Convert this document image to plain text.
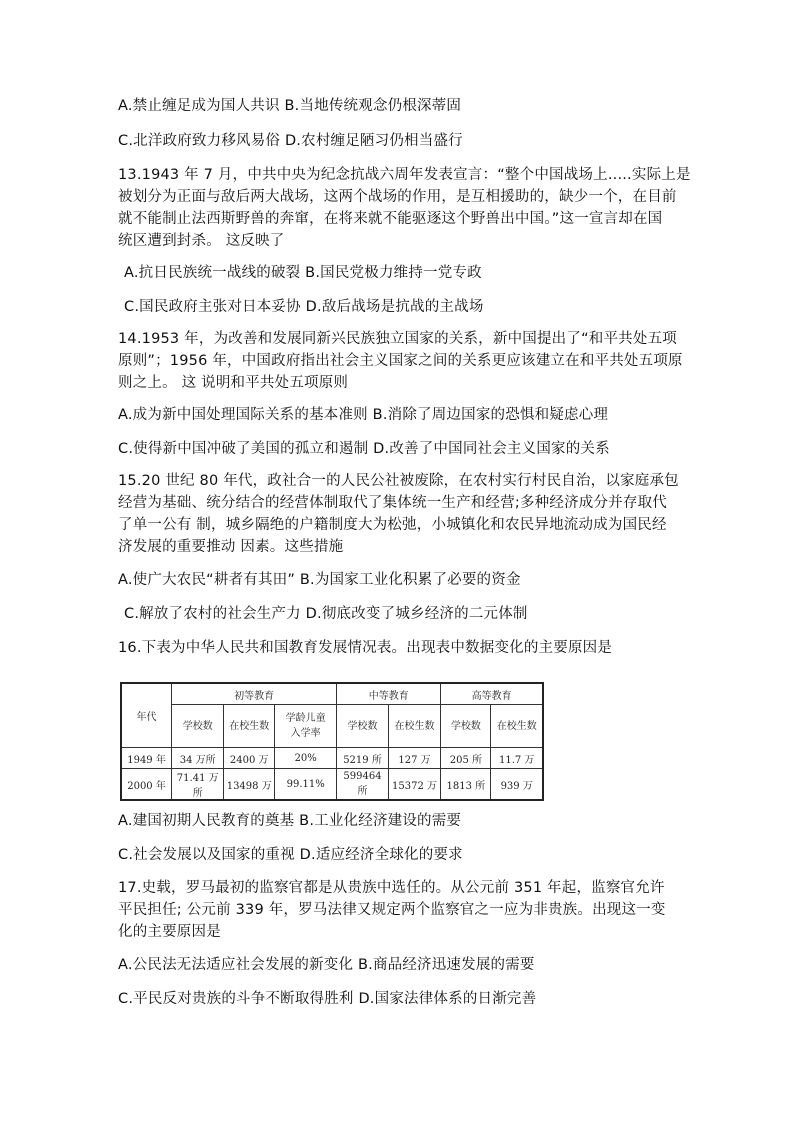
A.禁止缠足成为国人共识 B.当地传统观念仍根深蒂固
C.北洋政府致力移风易俗 D.农村缠足陋习仍相当盛行
13.1943 年 7 月，中共中央为纪念抗战六周年发表宣言：“整个中国战场上.....实际上是
被划分为正面与敌后两大战场，这两个战场的作用，是互相援助的，缺少一个，在目前
就不能制止法西斯野兽的奔窜，在将来就不能驱逐这个野兽出中国。”这一宣言却在国
统区遭到封杀。 这反映了
A.抗日民族统一战线的破裂 B.国民党极力维持一党专政
C.国民政府主张对日本妥协 D.敌后战场是抗战的主战场
14.1953 年，为改善和发展同新兴民族独立国家的关系，新中国提出了“和平共处五项
原则”；1956 年，中国政府指出社会主义国家之间的关系更应该建立在和平共处五项原
则之上。 这 说明和平共处五项原则
A.成为新中国处理国际关系的基本准则 B.消除了周边国家的恐惧和疑虑心理
C.使得新中国冲破了美国的孤立和遏制 D.改善了中国同社会主义国家的关系
15.20 世纪 80 年代，政社合一的人民公社被废除，在农村实行村民自治，以家庭承包
经营为基础、统分结合的经营体制取代了集体统一生产和经营;多种经济成分并存取代
了单一公有 制，城乡隔绝的户籍制度大为松弛，小城镇化和农民异地流动成为国民经
济发展的重要推动 因素。这些措施
A.使广大农民“耕者有其田” B.为国家工业化积累了必要的资金
C.解放了农村的社会生产力 D.彻底改变了城乡经济的二元体制
16.下表为中华人民共和国教育发展情况表。出现表中数据变化的主要原因是
年代	初等教育			中等教育		高等教育	
	学校数	在校生数	学龄儿童入学率	学校数	在校生数	学校数	在校生数
1949 年	34 万所	2400 万	20%	5219 所	127 万	205 所	11.7 万
2000 年	71.41 万所	13498 万	99.11%	599464 所	15372 万	1813 所	939 万
A.建国初期人民教育的奠基 B.工业化经济建设的需要
C.社会发展以及国家的重视 D.适应经济全球化的要求
17.史载，罗马最初的监察官都是从贵族中选任的。从公元前 351 年起，监察官允许
平民担任; 公元前 339 年，罗马法律又规定两个监察官之一应为非贵族。出现这一变
化的主要原因是
A.公民法无法适应社会发展的新变化 B.商品经济迅速发展的需要
C.平民反对贵族的斗争不断取得胜利 D.国家法律体系的日渐完善
